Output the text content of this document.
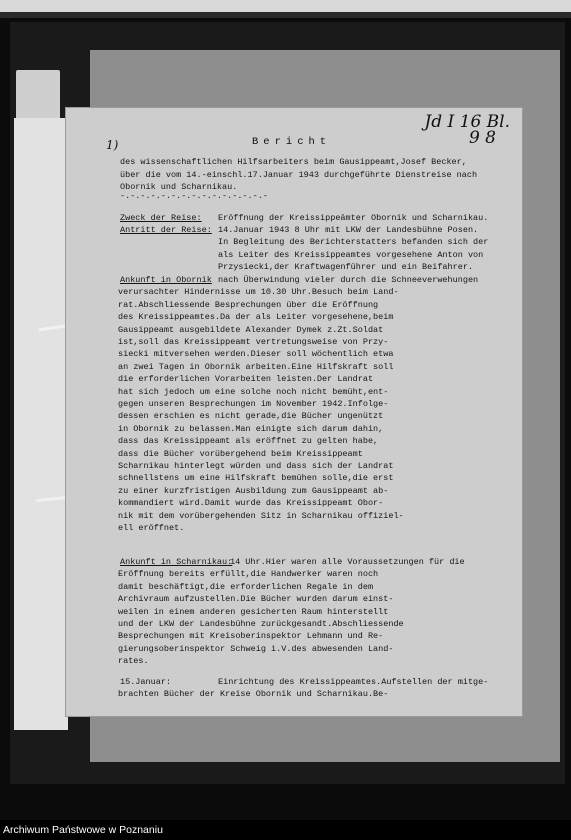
Jd I 16 Bl.
9 8
1)	Bericht
des wissenschaftlichen Hilfsarbeiters beim Gausippeamt,Josef Becker,
über die vom 14.-einschl.17.Januar 1943 durchgeführte Dienstreise nach
Obornik und Scharnikau.
-.-.-.-.-.-.-.-.-.-.-.-.-.-.-
Zweck der Reise: Eröffnung der Kreissippeämter Obornik und Scharnikau.
Antritt der Reise: 14.Januar 1943 8 Uhr mit LKW der Landesbühne Posen.
In Begleitung des Berichterstatters befanden sich der
als Leiter des Kreissippeamtes vorgesehene Anton von
Przysiecki,der Kraftwagenführer und ein Beifahrer.
Ankunft in Obornik nach Überwindung vieler durch die Schneeverwehungen
verursachter Hindernisse um 10.30 Uhr.Besuch beim Land-
rat.Abschliessende Besprechungen über die Eröffnung
des Kreissippeamtes.Da der als Leiter vorgesehene,beim
Gausippeamt ausgebildete Alexander Dymek z.Zt.Soldat
ist,soll das Kreissippeamt vertretungsweise von Przy-
siecki mitversehen werden.Dieser soll wöchentlich etwa
an zwei Tagen in Obornik arbeiten.Eine Hilfskraft soll
die erforderlichen Vorarbeiten leisten.Der Landrat
hat sich jedoch um eine solche noch nicht bemüht,ent-
gegen unseren Besprechungen im November 1942.Infolge-
dessen erschien es nicht gerade,die Bücher ungenützt
in Obornik zu belassen.Man einigte sich darum dahin,
dass das Kreissippeamt als eröffnet zu gelten habe,
dass die Bücher vorübergehend beim Kreissippeamt
Scharnikau hinterlegt würden und dass sich der Landrat
schnellstens um eine Hilfskraft bemühen solle,die erst
zu einer kurzfristigen Ausbildung zum Gausippeamt ab-
kommandiert wird.Damit wurde das Kreissippeamt Obor-
nik mit dem vorübergehenden Sitz in Scharnikau offiziel-
ell eröffnet.
Ankunft in Scharnikau:
14 Uhr.Hier waren alle Voraussetzungen für die
Eröffnung bereits erfüllt,die Handwerker waren noch
damit beschäftigt,die erforderlichen Regale in dem
Archivraum aufzustellen.Die Bücher wurden darum einst-
weilen in einem anderen gesicherten Raum hinterstellt
und der LKW der Landesbühne zurückgesandt.Abschliessende
Besprechungen mit Kreisoberinspektor Lehmann und Re-
gierungsoberinspektor Schweig i.V.des abwesenden Land-
rates.
15.Januar:	Einrichtung des Kreissippeamtes.Aufstellen der mitge-
brachten Bücher der Kreise Obornik und Scharnikau.Be-
Archiwum Państwowe w Poznaniu
